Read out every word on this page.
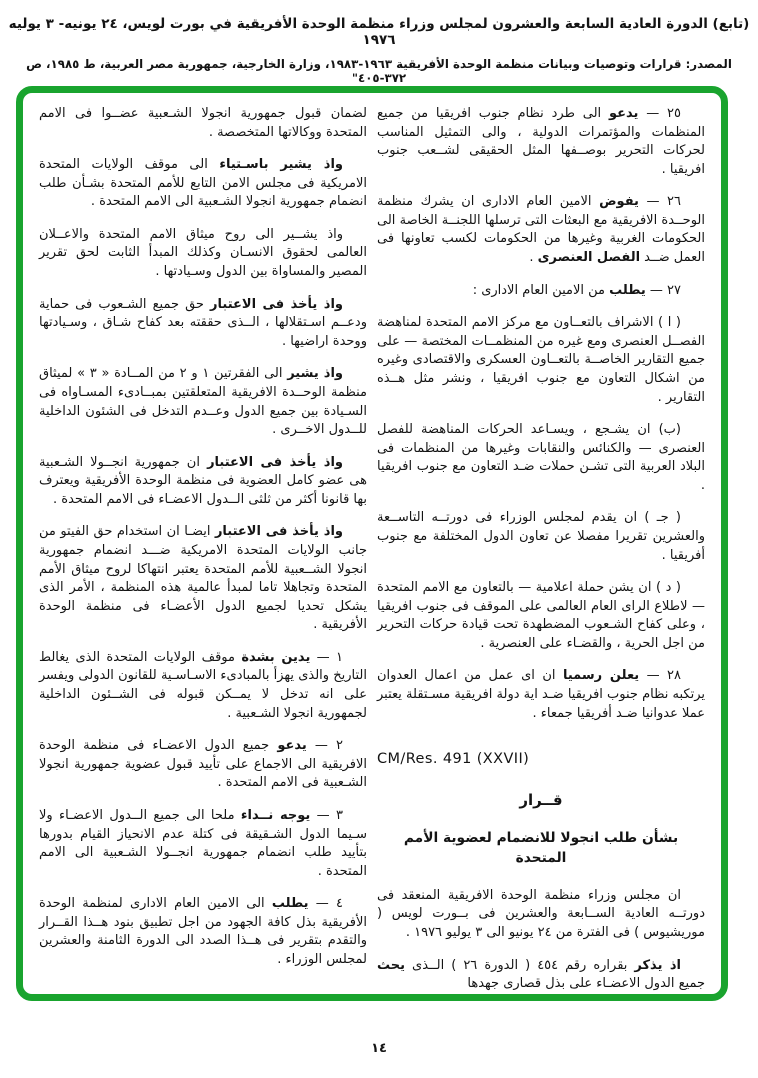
(تابع) الدورة العادية السابعة والعشرون لمجلس وزراء منظمة الوحدة الأفريقية في بورت لويس، ٢٤ يونيه- ٣ يوليه ١٩٧٦
المصدر: قرارات وتوصيات وبيانات منظمة الوحدة الأفريقية ١٩٦٣-١٩٨٣، وزارة الخارجية، جمهورية مصر العربية، ط ١٩٨٥، ص ٣٧٢-٤٠٥"

٢٥ — يدعو الى طرد نظام جنوب افريقيا من جميع المنظمات والمؤتمرات الدولية ، والى التمثيل المناسب لحركات التحرير بوصــفها المثل الحقيقى لشــعب جنوب افريقيا .

٢٦ — يفوض الامين العام الادارى ان يشرك منظمة الوحــدة الافريقية مع البعثات التى ترسلها اللجنــة الخاصة الى الحكومات الغربية وغيرها من الحكومات لكسب تعاونها فى العمل ضــد الفصل العنصرى .

٢٧ — يطلب من الامين العام الادارى :

( ا ) الاشراف بالتعــاون مع مركز الامم المتحدة لمناهضة الفصــل العنصرى ومع غيره من المنظمــات المختصة — على جميع التقارير الخاصــة بالتعــاون العسكرى والاقتصادى وغيره من اشكال التعاون مع جنوب افريقيا ، ونشر مثل هــذه التقارير .

(ب) ان يشـجع ، ويسـاعد الحركات المناهضة للفصل العنصرى — والكنائس والنقابات وغيرها من المنظمات فى البلاد العربية التى تشـن حملات ضـد التعاون مع جنوب افريقيا .

( جـ ) ان يقدم لمجلس الوزراء فى دورتــه التاســعة والعشرين تقريرا مفصلا عن تعاون الدول المختلفة مع جنوب أفريقيا .

( د ) ان يشن حملة اعلامية — بالتعاون مع الامم المتحدة — لاطلاع الراى العام العالمى على الموقف فى جنوب افريقيا ، وعلى كفاح الشـعوب المضطهدة تحت قيادة حركات التحرير من اجل الحرية ، والقضـاء على العنصرية .

٢٨ — يعلن رسميا ان اى عمل من اعمال العدوان يرتكبه نظام جنوب افريقيا ضـد اية دولة افريقية مسـتقلة يعتبر عملا عدوانيا ضـد أفريقيا جمعاء .

CM/Res. 491 (XXVII)

قــرار

بشأن طلب انجولا للانضمام لعضوية الأمم المتحدة

ان مجلس وزراء منظمة الوحدة الافريقية المنعقد فى دورتــه العادية الســابعة والعشرين فى بــورت لويس ( موريشيوس ) فى الفترة من ٢٤ يونيو الى ٣ يوليو ١٩٧٦ .

اذ يذكر بقراره رقم ٤٥٤ ( الدورة ٢٦ ) الــذى يحث جميع الدول الاعضـاء على بذل قصارى جهدها

لضمان قبول جمهورية انجولا الشـعبية عضــوا فى الامم المتحدة ووكالاتها المتخصصة .

واذ يشير باسـتياء الى موقف الولايات المتحدة الامريكية فى مجلس الامن التابع للأمم المتحدة بشـأن طلب انضمام جمهورية انجولا الشـعبية الى الامم المتحدة .

واذ يشــير الى روح ميثاق الامم المتحدة والاعــلان العالمى لحقوق الانسـان وكذلك المبدأ الثابت لحق تقرير المصير والمساواة بين الدول وسـيادتها .

واذ يأخذ فى الاعتبار حق جميع الشـعوب فى حماية ودعــم اسـتقلالها ، الــذى حققته بعد كفاح شـاق ، وسـيادتها ووحدة اراضيها .

واذ يشير الى الفقرتين ١ و ٢ من المــادة « ٣ » لميثاق منظمة الوحــدة الافريقية المتعلقتين بمبــادىء المسـاواه فى السـيادة بين جميع الدول وعــدم التدخل فى الشئون الداخلية للــدول الاخــرى .

واذ يأخذ فى الاعتبار ان جمهورية انجــولا الشـعبية هى عضو كامل العضوية فى منظمة الوحدة الأفريقية ويعترف بها قانونا أكثر من ثلثى الــدول الاعضـاء فى الامم المتحدة .

واذ يأخذ فى الاعتبار ايضـا ان استخدام حق الفيتو من جانب الولايات المتحدة الامريكية ضـــد انضمام جمهورية انجولا الشــعبية للأمم المتحدة يعتبر انتهاكا لروح ميثاق الأمم المتحدة وتجاهلا تاما لمبدأ عالمية هذه المنظمة ، الأمر الذى يشكل تحديا لجميع الدول الأعضـاء فى منظمة الوحدة الأفريقية .

١ — يدين بشدة موقف الولايات المتحدة الذى يغالط التاريخ والذى يهزأ بالمبادىء الاسـاسـية للقانون الدولى ويفسر على انه تدخل لا يمــكن قبوله فى الشــئون الداخلية لجمهورية انجولا الشـعبية .

٢ — يدعو جميع الدول الاعضـاء فى منظمة الوحدة الافريقية الى الاجماع على تأييد قبول عضوية جمهورية انجولا الشـعبية فى الامم المتحدة .

٣ — يوجه نــداء ملحا الى جميع الــدول الاعضـاء ولا سـيما الدول الشـقيقة فى كتلة عدم الانحياز القيام بدورها بتأييد طلب انضمام جمهورية انجــولا الشـعبية الى الامم المتحدة .

٤ — يطلب الى الامين العام الادارى لمنظمة الوحدة الأفريقية بذل كافة الجهود من اجل تطبيق بنود هــذا القــرار والتقدم بتقرير فى هــذا الصدد الى الدورة الثامنة والعشرين لمجلس الوزراء .

١٤
